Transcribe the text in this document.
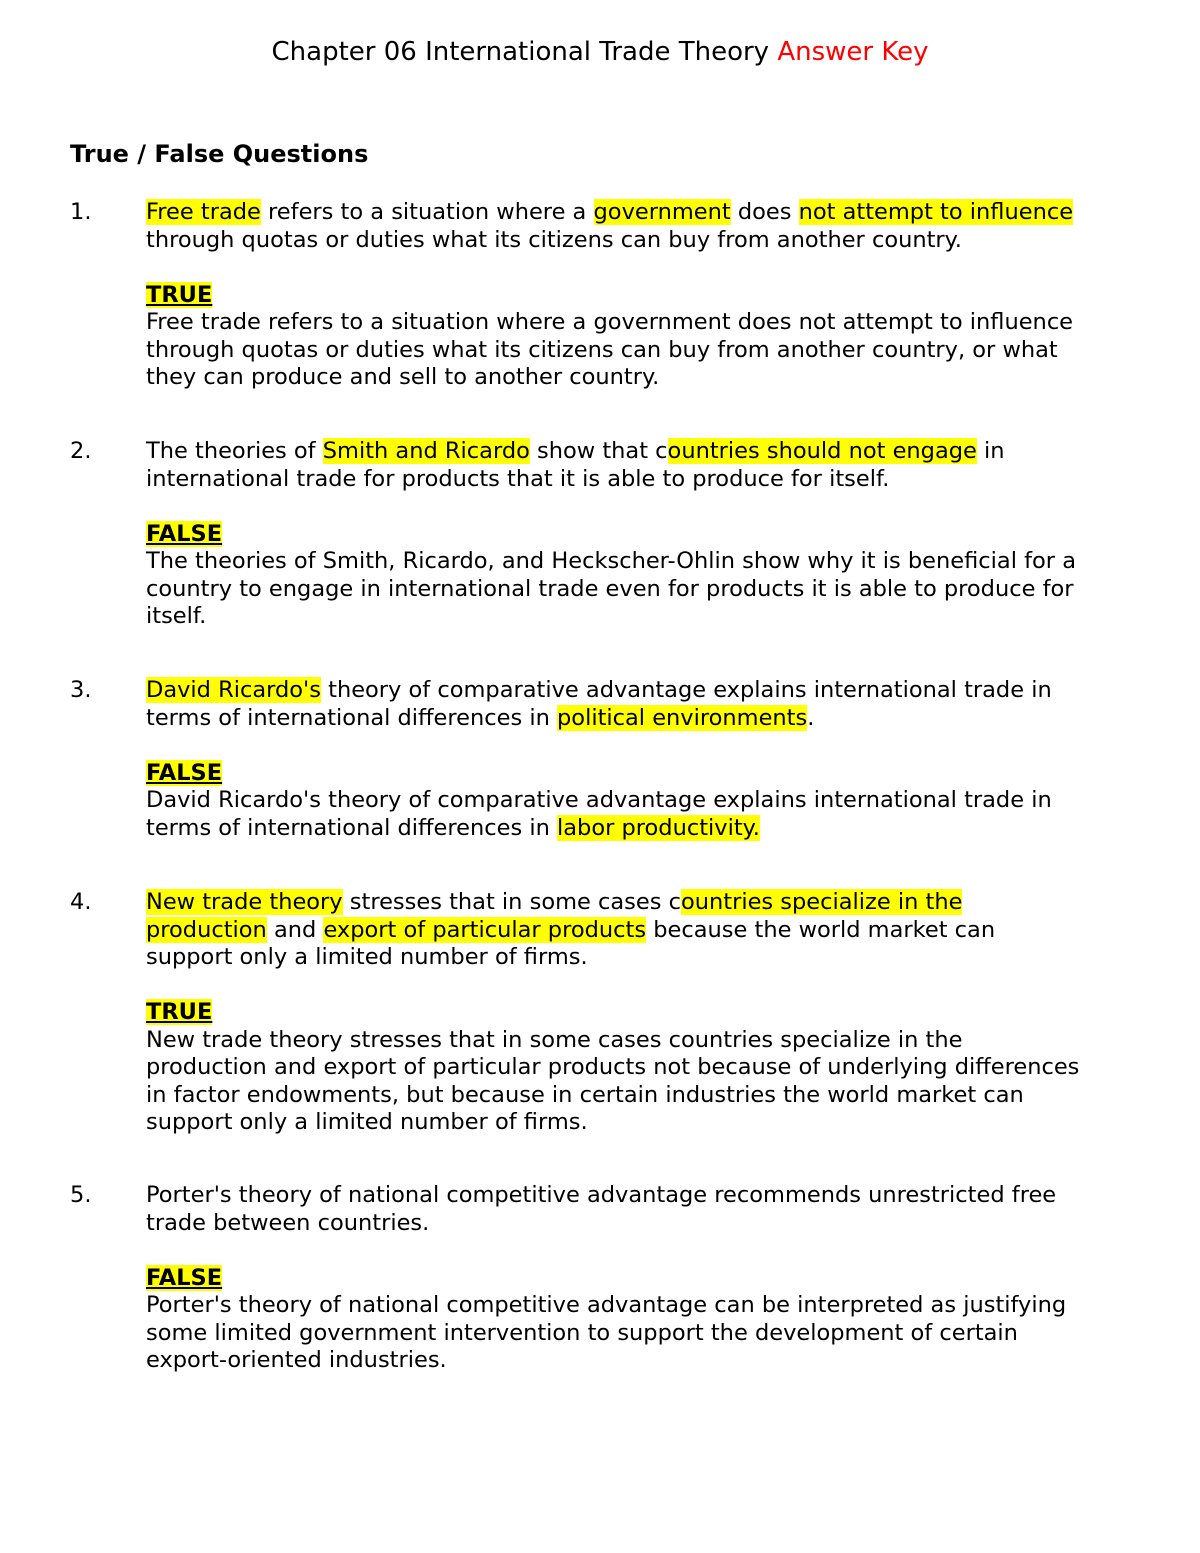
Chapter 06 International Trade Theory Answer Key
True / False Questions
1. Free trade refers to a situation where a government does not attempt to influence
through quotas or duties what its citizens can buy from another country.
TRUE
Free trade refers to a situation where a government does not attempt to influence
through quotas or duties what its citizens can buy from another country, or what
they can produce and sell to another country.
2. The theories of Smith and Ricardo show that countries should not engage in
international trade for products that it is able to produce for itself.
FALSE
The theories of Smith, Ricardo, and Heckscher-Ohlin show why it is beneficial for a
country to engage in international trade even for products it is able to produce for
itself.
3. David Ricardo's theory of comparative advantage explains international trade in
terms of international differences in political environments.
FALSE
David Ricardo's theory of comparative advantage explains international trade in
terms of international differences in labor productivity.
4. New trade theory stresses that in some cases countries specialize in the
production and export of particular products because the world market can
support only a limited number of firms.
TRUE
New trade theory stresses that in some cases countries specialize in the
production and export of particular products not because of underlying differences
in factor endowments, but because in certain industries the world market can
support only a limited number of firms.
5. Porter's theory of national competitive advantage recommends unrestricted free
trade between countries.
FALSE
Porter's theory of national competitive advantage can be interpreted as justifying
some limited government intervention to support the development of certain
export-oriented industries.
